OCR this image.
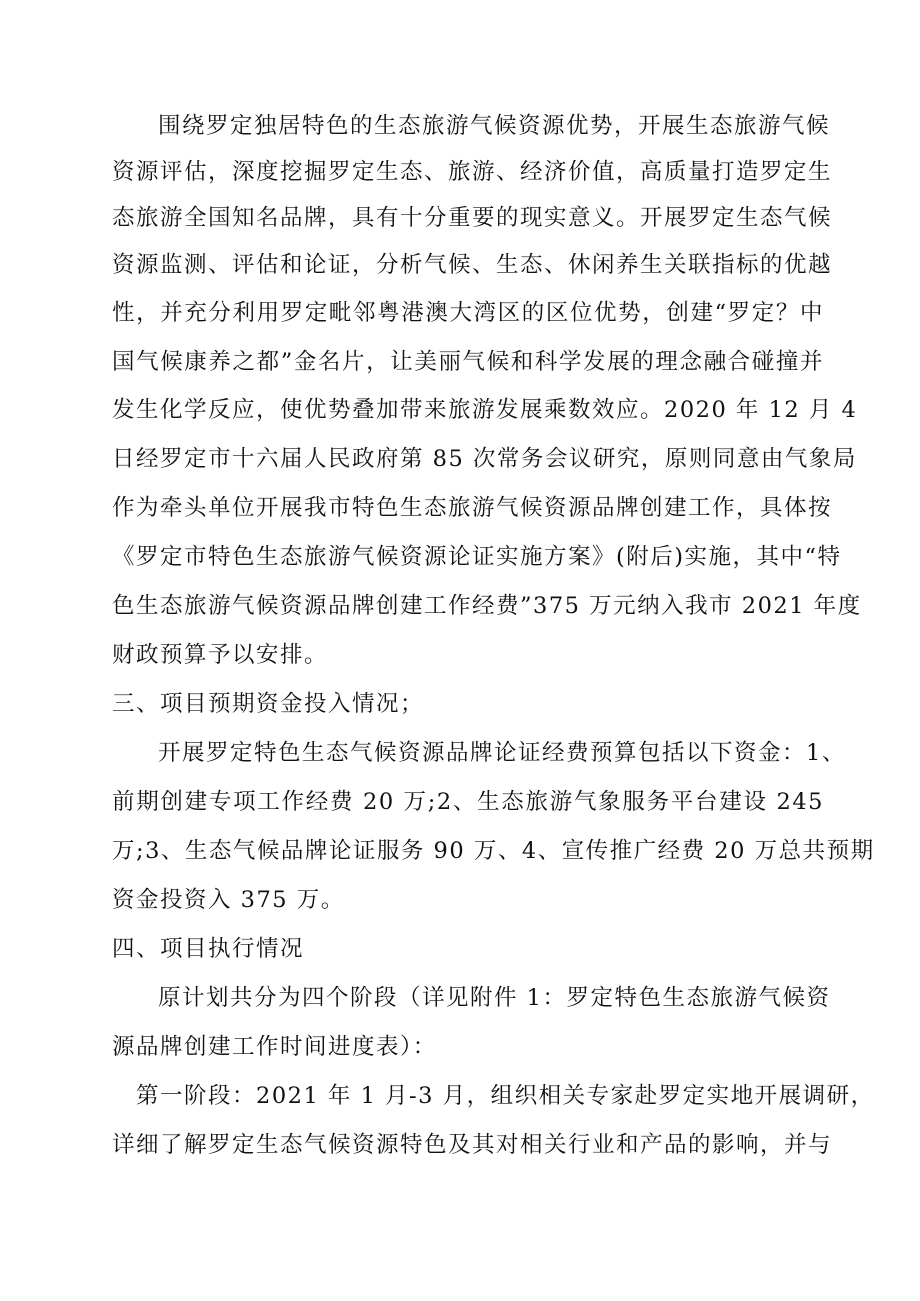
围绕罗定独居特色的生态旅游气候资源优势，开展生态旅游气候
资源评估，深度挖掘罗定生态、旅游、经济价值，高质量打造罗定生
态旅游全国知名品牌，具有十分重要的现实意义。开展罗定生态气候
资源监测、评估和论证，分析气候、生态、休闲养生关联指标的优越
性，并充分利用罗定毗邻粤港澳大湾区的区位优势，创建“罗定？中
国气候康养之都”金名片，让美丽气候和科学发展的理念融合碰撞并
发生化学反应，使优势叠加带来旅游发展乘数效应。2020 年 12 月 4
日经罗定市十六届人民政府第 85 次常务会议研究，原则同意由气象局
作为牵头单位开展我市特色生态旅游气候资源品牌创建工作，具体按
《罗定市特色生态旅游气候资源论证实施方案》(附后)实施，其中“特
色生态旅游气候资源品牌创建工作经费”375 万元纳入我市 2021 年度
财政预算予以安排。
三、项目预期资金投入情况；
开展罗定特色生态气候资源品牌论证经费预算包括以下资金：1、
前期创建专项工作经费 20 万;2、生态旅游气象服务平台建设 245
万;3、生态气候品牌论证服务 90 万、4、宣传推广经费 20 万总共预期
资金投资入 375 万。
四、项目执行情况
原计划共分为四个阶段（详见附件 1：罗定特色生态旅游气候资
源品牌创建工作时间进度表）：
第一阶段：2021 年 1 月-3 月，组织相关专家赴罗定实地开展调研，
详细了解罗定生态气候资源特色及其对相关行业和产品的影响，并与
